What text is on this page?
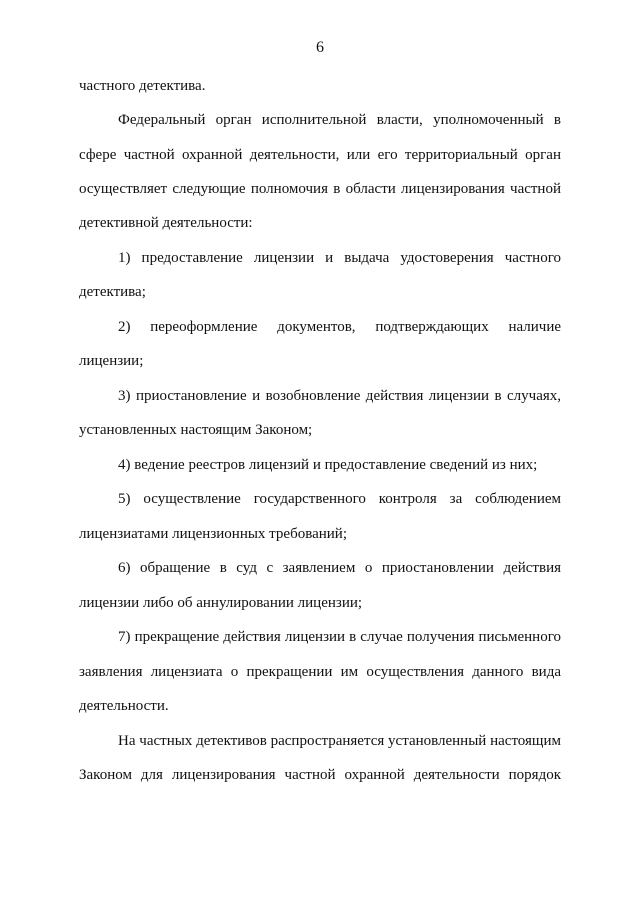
6
частного детектива.
Федеральный орган исполнительной власти, уполномоченный в
сфере частной охранной деятельности, или его территориальный орган
осуществляет следующие полномочия в области лицензирования частной
детективной деятельности:
1) предоставление лицензии и выдача удостоверения частного
детектива;
2) переоформление документов, подтверждающих наличие
лицензии;
3) приостановление и возобновление действия лицензии в случаях,
установленных настоящим Законом;
4) ведение реестров лицензий и предоставление сведений из них;
5) осуществление государственного контроля за соблюдением
лицензиатами лицензионных требований;
6) обращение в суд с заявлением о приостановлении действия
лицензии либо об аннулировании лицензии;
7) прекращение действия лицензии в случае получения письменного
заявления лицензиата о прекращении им осуществления данного вида
деятельности.
На частных детективов распространяется установленный настоящим
Законом для лицензирования частной охранной деятельности порядок
